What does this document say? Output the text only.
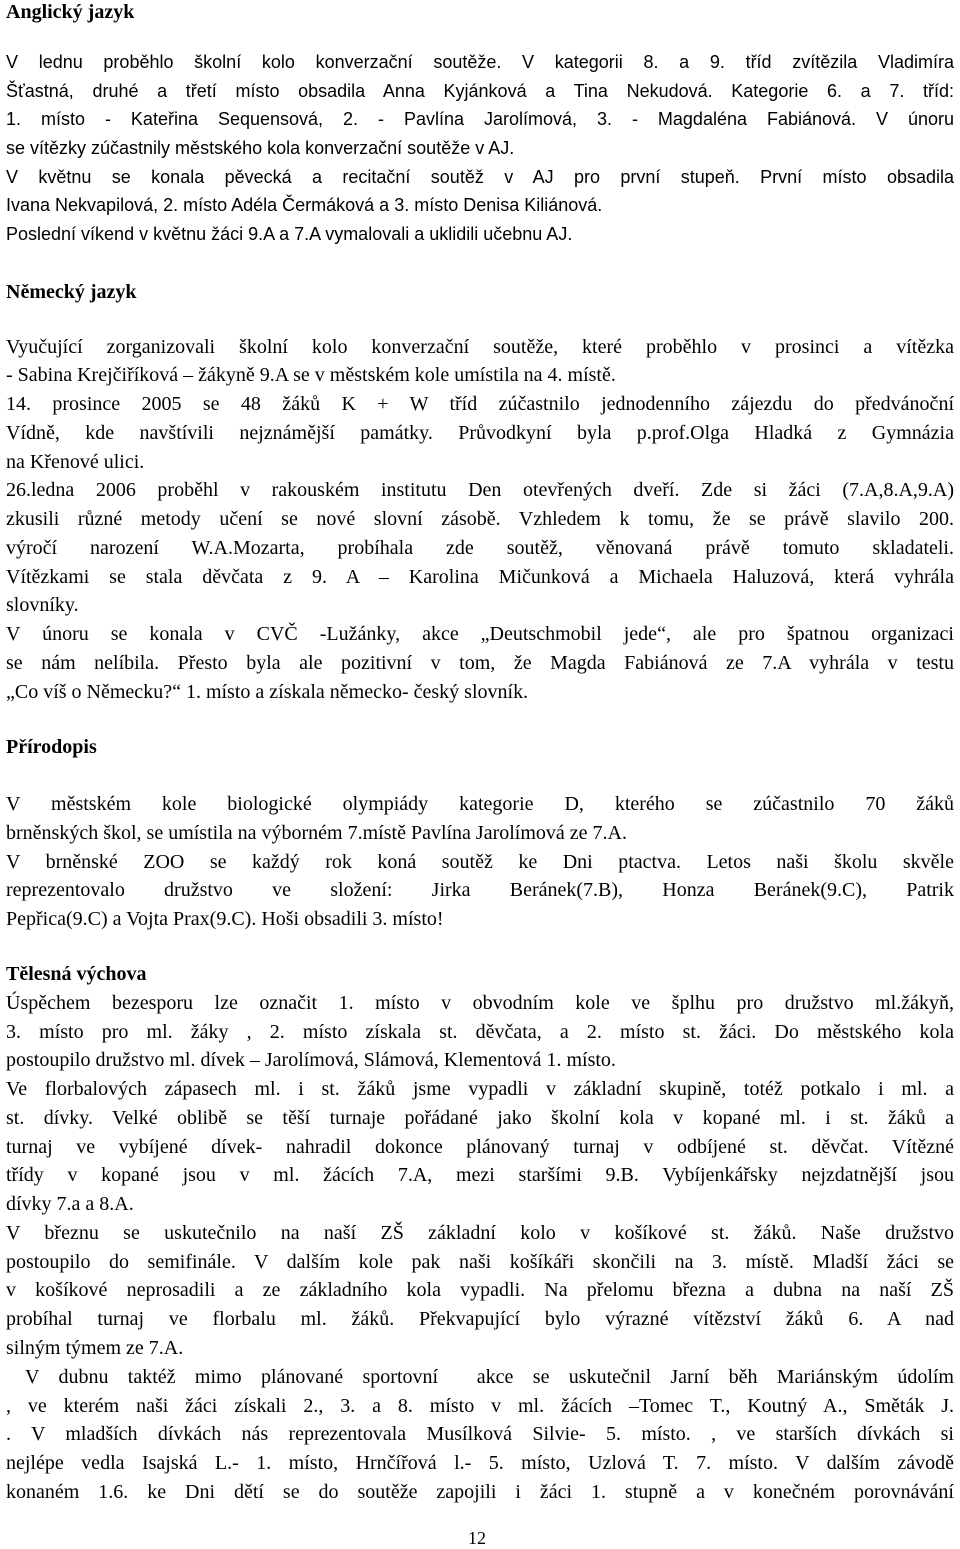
Anglický jazyk
V lednu proběhlo školní kolo konverzační soutěže. V kategorii 8. a 9. tříd zvítězila Vladimíra
Šťastná, druhé a třetí místo obsadila Anna Kyjánková a Tina Nekudová. Kategorie 6. a 7. tříd:
1. místo - Kateřina Sequensová, 2. - Pavlína Jarolímová, 3. - Magdaléna Fabiánová. V únoru
se vítězky zúčastnily městského kola konverzační soutěže v AJ.
V květnu se konala pěvecká a recitační soutěž v AJ pro první stupeň. První místo obsadila
Ivana Nekvapilová, 2. místo Adéla Čermáková a 3. místo Denisa Kiliánová.
Poslední víkend v květnu žáci 9.A a 7.A vymalovali a uklidili učebnu AJ.
Německý jazyk
Vyučující zorganizovali školní kolo konverzační soutěže, které proběhlo v prosinci a vítězka
- Sabina Krejčiříková – žákyně 9.A se v městském kole umístila na 4. místě.
14. prosince 2005 se 48 žáků K + W tříd zúčastnilo jednodenního zájezdu do předvánoční
Vídně, kde navštívili nejznámější památky. Průvodkyní byla p.prof.Olga Hladká z Gymnázia
na Křenové ulici.
26.ledna 2006 proběhl v rakouském institutu Den otevřených dveří. Zde si žáci (7.A,8.A,9.A)
zkusili různé metody učení se nové slovní zásobě. Vzhledem k tomu, že se právě slavilo 200.
výročí narození W.A.Mozarta, probíhala zde soutěž, věnovaná právě tomuto skladateli.
Vítězkami se stala děvčata z 9. A – Karolina Mičunková a Michaela Haluzová, která vyhrála
slovníky.
V únoru se konala v CVČ -Lužánky, akce „Deutschmobil jede“, ale pro špatnou organizaci
se nám nelíbila. Přesto byla ale pozitivní v tom, že Magda Fabiánová ze 7.A vyhrála v testu
„Co víš o Německu?“ 1. místo a získala německo- český slovník.
Přírodopis
V městském kole biologické olympiády kategorie D, kterého se zúčastnilo 70 žáků
brněnských škol, se umístila na výborném 7.místě Pavlína Jarolímová ze 7.A.
V brněnské ZOO se každý rok koná soutěž ke Dni ptactva. Letos naši školu skvěle
reprezentovalo družstvo ve složení: Jirka Beránek(7.B), Honza Beránek(9.C), Patrik
Pepřica(9.C) a Vojta Prax(9.C). Hoši obsadili 3. místo!
Tělesná výchova
Úspěchem bezesporu lze označit 1. místo v obvodním kole ve šplhu pro družstvo ml.žákyň,
3. místo pro ml. žáky , 2. místo získala st. děvčata, a 2. místo st. žáci. Do městského kola
postoupilo družstvo ml. dívek – Jarolímová, Slámová, Klementová 1. místo.
Ve florbalových zápasech ml. i st. žáků jsme vypadli v základní skupině, totéž potkalo i ml. a
st. dívky. Velké oblibě se těší turnaje pořádané jako školní kola v kopané ml. i st. žáků a
turnaj ve vybíjené dívek- nahradil dokonce plánovaný turnaj v odbíjené st. děvčat. Vítězné
třídy v kopané jsou v ml. žácích 7.A, mezi staršími 9.B. Vybíjenkářsky nejzdatnější jsou
dívky 7.a a 8.A.
V březnu se uskutečnilo na naší ZŠ základní kolo v košíkové st. žáků. Naše družstvo
postoupilo do semifinále. V dalším kole pak naši košíkáři skončili na 3. místě. Mladší žáci se
v košíkové neprosadili a ze základního kola vypadli. Na přelomu března a dubna na naší ZŠ
probíhal turnaj ve florbalu ml. žáků. Překvapující bylo výrazné vítězství žáků 6. A nad
silným týmem ze 7.A.
V dubnu taktéž mimo plánované sportovní  akce se uskutečnil Jarní běh Mariánským údolím
, ve kterém naši žáci získali 2., 3. a 8. místo v ml. žácích –Tomec T., Koutný A., Směták J.
. V mladších dívkách nás reprezentovala Musílková Silvie- 5. místo. , ve starších dívkách si
nejlépe vedla Isajská L.- 1. místo, Hrnčířová l.- 5. místo, Uzlová T. 7. místo. V dalším závodě
konaném 1.6. ke Dni dětí se do soutěže zapojili i žáci 1. stupně a v konečném porovnávání
12
